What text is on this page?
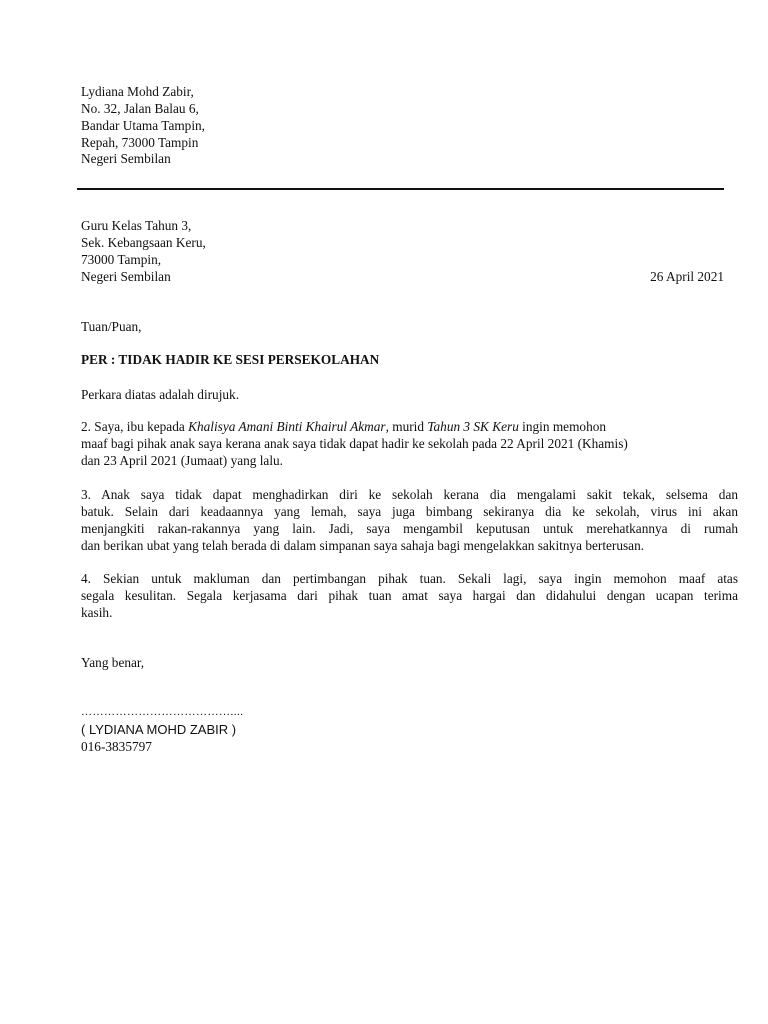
Lydiana Mohd Zabir,
No. 32, Jalan Balau 6,
Bandar Utama Tampin,
Repah, 73000 Tampin
Negeri Sembilan
Guru Kelas Tahun 3,
Sek. Kebangsaan Keru,
73000 Tampin,
Negeri Sembilan	26 April 2021
Tuan/Puan,
PER : TIDAK HADIR KE SESI PERSEKOLAHAN
Perkara diatas adalah dirujuk.
2. Saya, ibu kepada Khalisya Amani Binti Khairul Akmar, murid Tahun 3 SK Keru ingin memohon
maaf bagi pihak anak saya kerana anak saya tidak dapat hadir ke sekolah pada 22 April 2021 (Khamis)
dan 23 April 2021 (Jumaat) yang lalu.
3. Anak saya tidak dapat menghadirkan diri ke sekolah kerana dia mengalami sakit tekak, selsema dan
batuk. Selain dari keadaannya yang lemah, saya juga bimbang sekiranya dia ke sekolah, virus ini akan
menjangkiti rakan-rakannya yang lain. Jadi, saya mengambil keputusan untuk merehatkannya di rumah
dan berikan ubat yang telah berada di dalam simpanan saya sahaja bagi mengelakkan sakitnya berterusan.
4. Sekian untuk makluman dan pertimbangan pihak tuan. Sekali lagi, saya ingin memohon maaf atas
segala kesulitan. Segala kerjasama dari pihak tuan amat saya hargai dan didahului dengan ucapan terima
kasih.
Yang benar,
…………………………………....
( LYDIANA MOHD ZABIR )
016-3835797
